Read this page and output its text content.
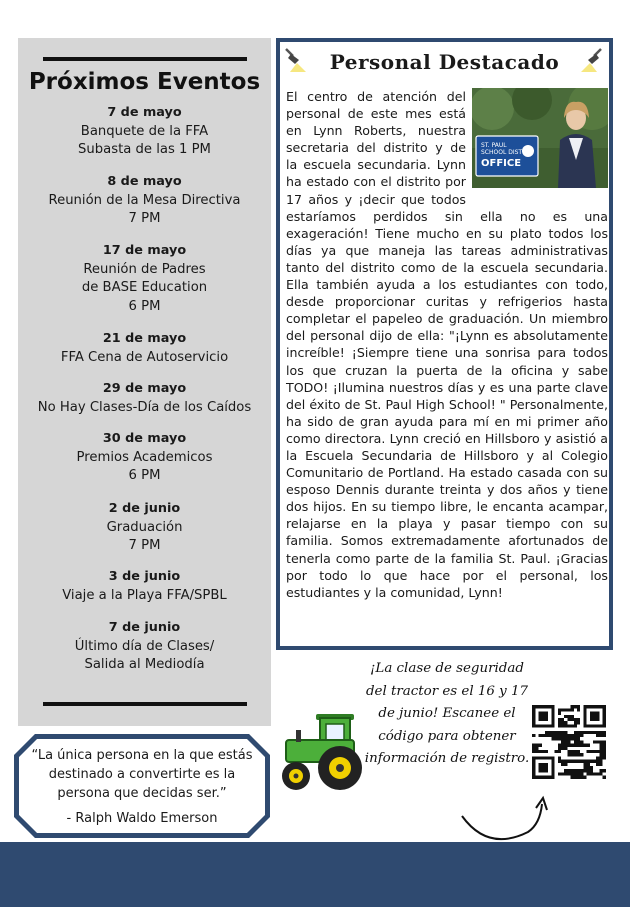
Próximos Eventos
7 de mayo
Banquete de la FFA
Subasta de las 1 PM
8 de mayo
Reunión de la Mesa Directiva
7 PM
17 de mayo
Reunión de Padres
de BASE Education
6 PM
21 de mayo
FFA Cena de Autoservicio
29 de mayo
No Hay Clases-Día de los Caídos
30 de mayo
Premios Academicos
6 PM
2 de junio
Graduación
7 PM
3 de junio
Viaje a la Playa FFA/SPBL
7 de junio
Último día de Clases/
Salida al Mediodía
Personal Destacado
ST. PAUL
SCHOOL DIST
OFFICE
El centro de atención del personal de este mes está en Lynn Roberts, nuestra secretaria del distrito y de la escuela secundaria. Lynn ha estado con el distrito por 17 años y ¡decir que todos estaríamos perdidos sin ella no es una exageración! Tiene mucho en su plato todos los días ya que maneja las tareas administrativas tanto del distrito como de la escuela secundaria. Ella también ayuda a los estudiantes con todo, desde proporcionar curitas y refrigerios hasta completar el papeleo de graduación. Un miembro del personal dijo de ella: "¡Lynn es absolutamente increíble! ¡Siempre tiene una sonrisa para todos los que cruzan la puerta de la oficina y sabe TODO! ¡Ilumina nuestros días y es una parte clave del éxito de St. Paul High School! " Personalmente, ha sido de gran ayuda para mí en mi primer año como directora. Lynn creció en Hillsboro y asistió a la Escuela Secundaria de Hillsboro y al Colegio Comunitario de Portland. Ha estado casada con su esposo Dennis durante treinta y dos años y tiene dos hijos. En su tiempo libre, le encanta acampar, relajarse en la playa y pasar tiempo con su familia. Somos extremadamente afortunados de tenerla como parte de la familia St. Paul. ¡Gracias por todo lo que hace por el personal, los estudiantes y la comunidad, Lynn!
“La única persona en la que estás destinado a convertirte es la persona que decidas ser.”
- Ralph Waldo Emerson
¡La clase de seguridad del tractor es el 16 y 17 de junio! Escanee el código para obtener información de registro.
